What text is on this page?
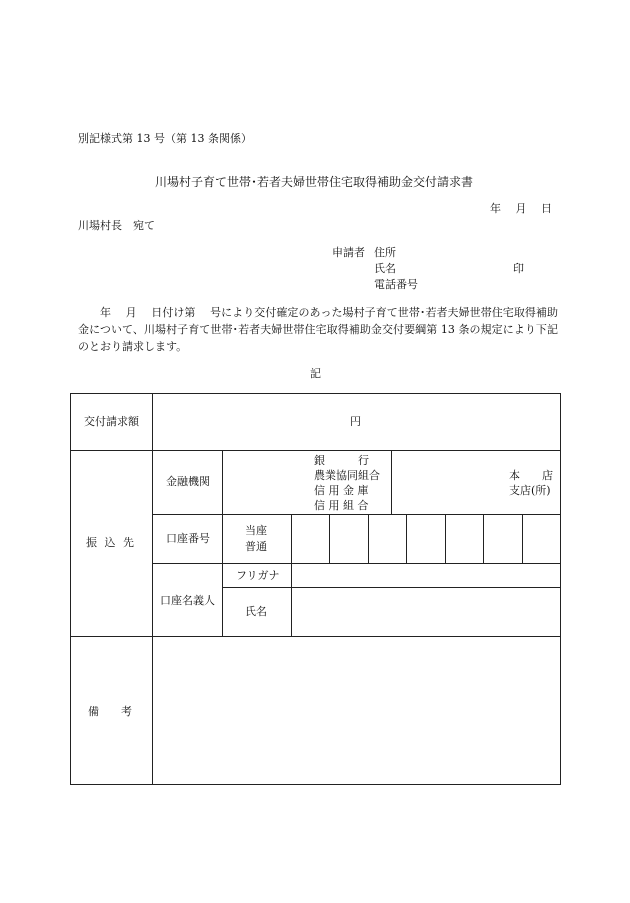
別記様式第 13 号（第 13 条関係）
川場村子育て世帯･若者夫婦世帯住宅取得補助金交付請求書
年　 月　 日
川場村長　宛て
申請者 住所
氏名	印
電話番号
年　 月　 日付け第　 号により交付確定のあった場村子育て世帯･若者夫婦世帯住宅取得補助金について、川場村子育て世帯･若者夫婦世帯住宅取得補助金交付要綱第 13 条の規定により下記のとおり請求します。
記
交付請求額	円
振 込 先
金融機関
銀　　　行
農業協同組合
信 用 金 庫
信 用 組 合
本　　店
支店(所)
口座番号
当座
普通
口座名義人
フリガナ
氏名
備　　考
